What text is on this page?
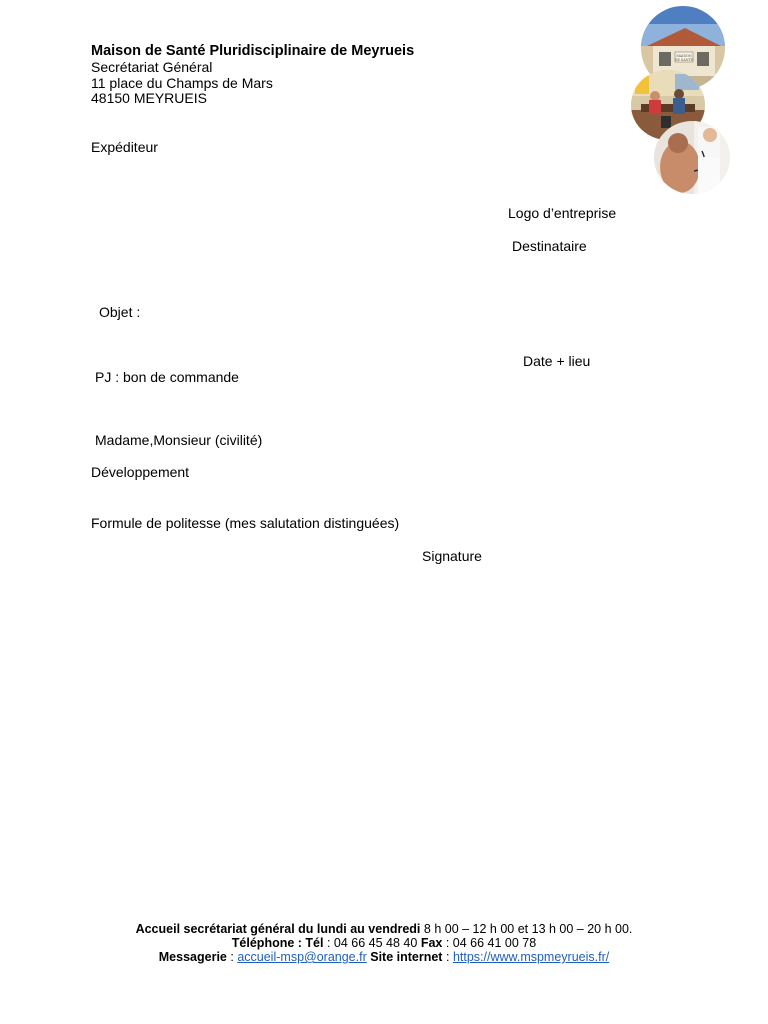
Maison de Santé Pluridisciplinaire de Meyrueis
Secrétariat Général
11 place du Champs de Mars
48150 MEYRUEIS
MAISON
DE SANTE
Expéditeur
Logo d’entreprise
Destinataire
Objet :
Date + lieu
PJ : bon de commande
Madame,Monsieur (civilité)
Développement
Formule de politesse (mes salutation distinguées)
Signature
Accueil secrétariat général du lundi au vendredi 8 h 00 – 12 h 00 et 13 h 00 – 20 h 00.
Téléphone : Tél : 04 66 45 48 40 Fax : 04 66 41 00 78
Messagerie : accueil-msp@orange.fr Site internet : https://www.mspmeyrueis.fr/
